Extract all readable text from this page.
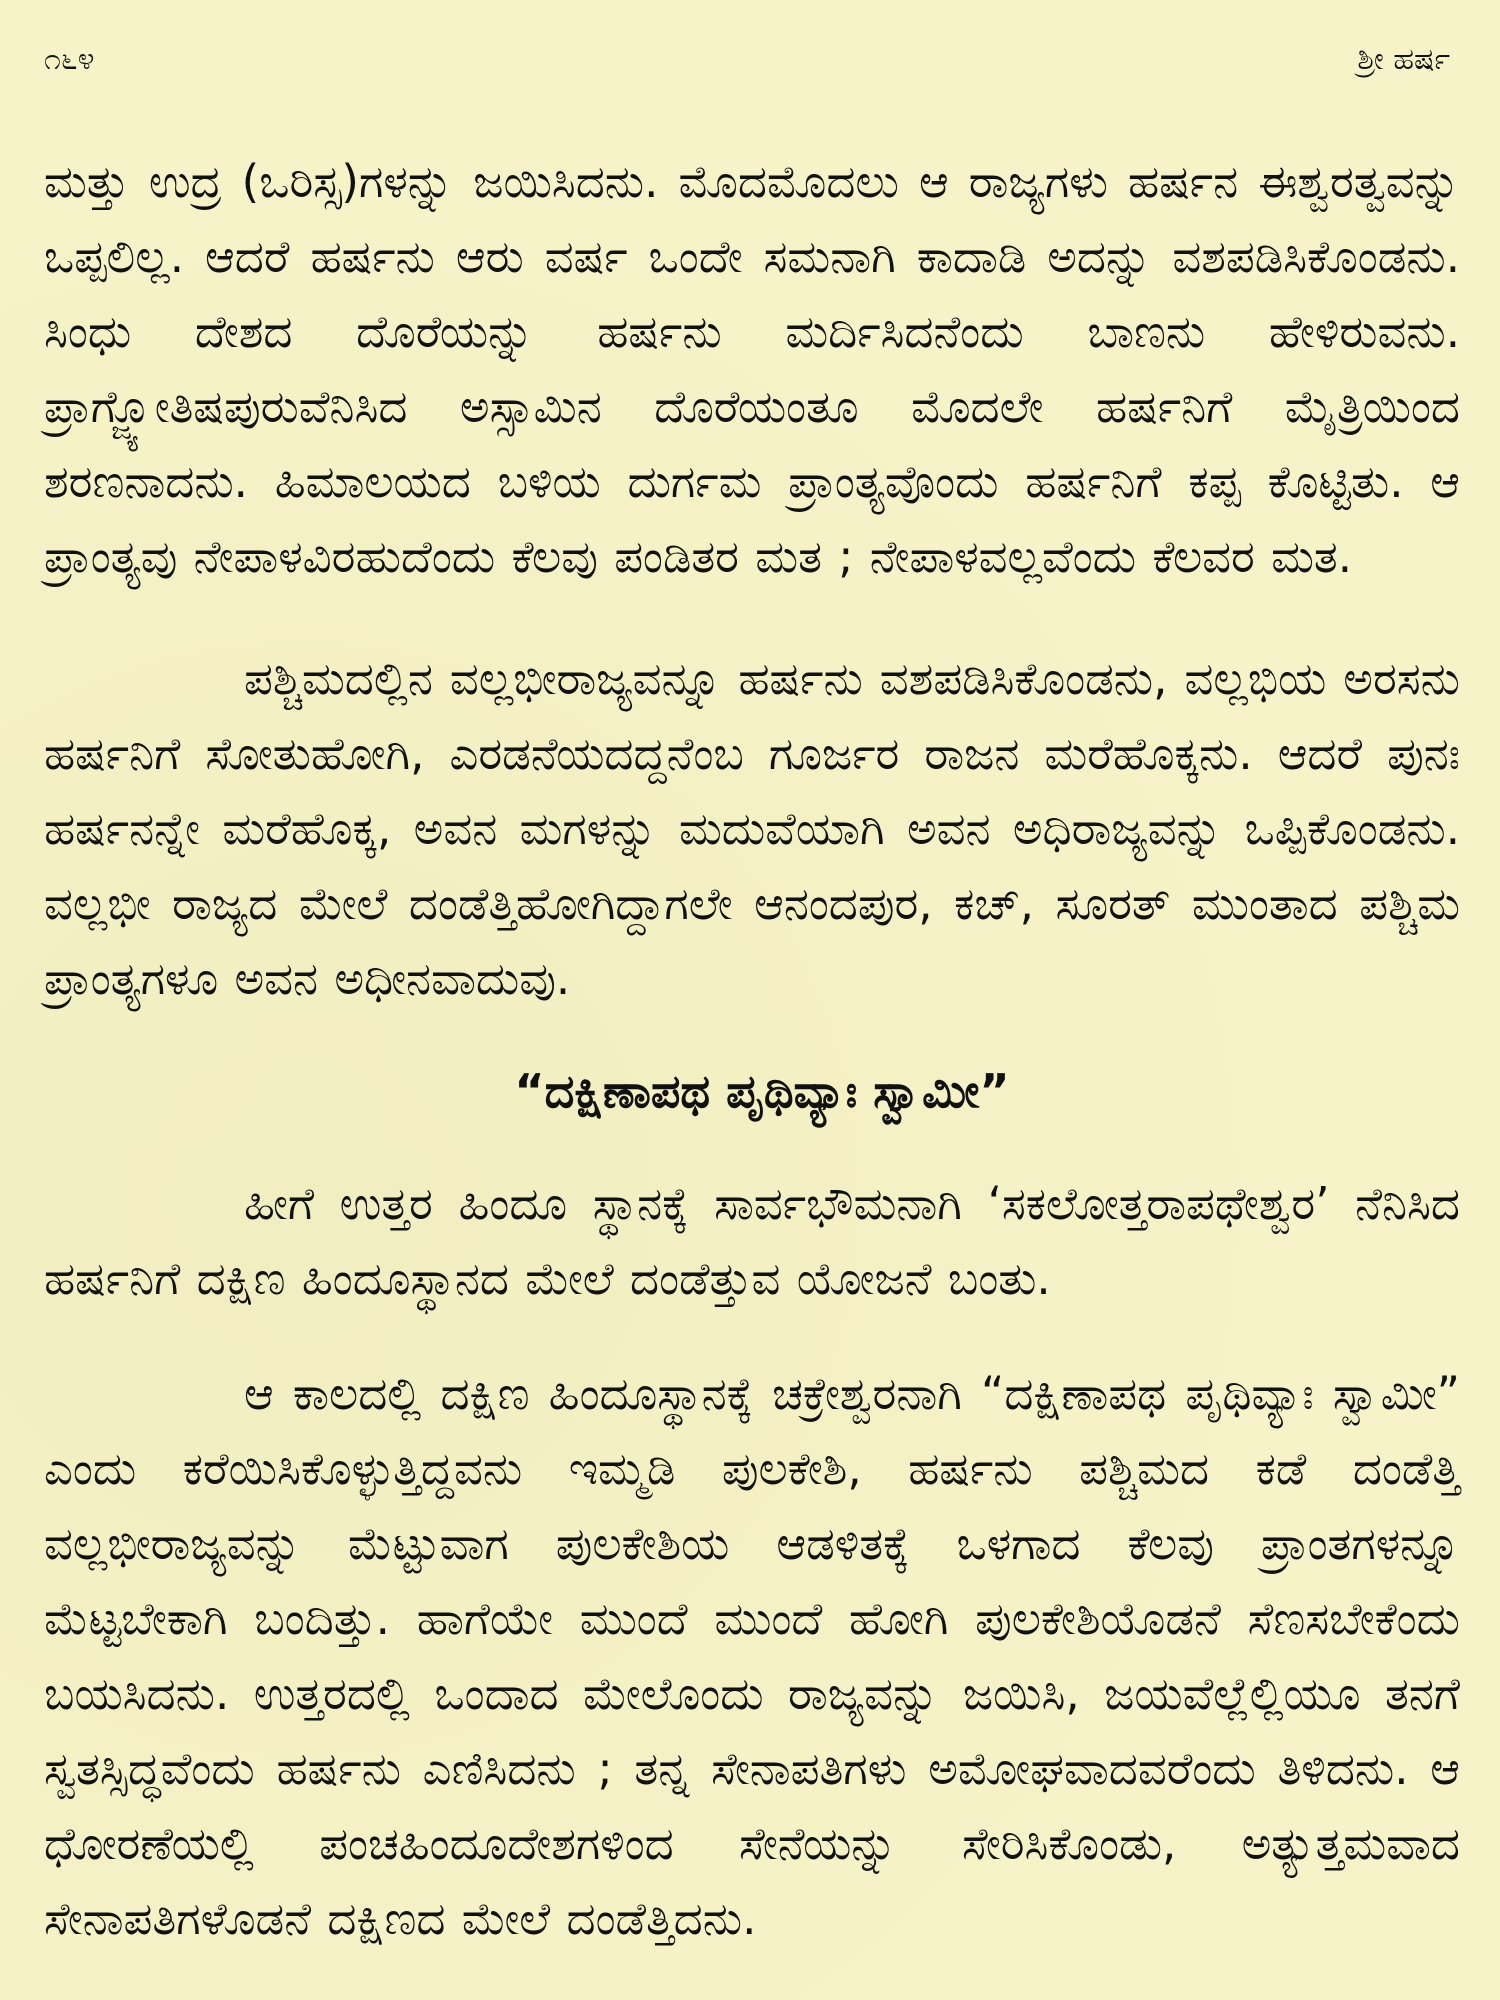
೧೬೪	ಶ್ರೀ ಹರ್ಷ

ಮತ್ತು ಉದ್ರ (ಒರಿಸ್ಸ)ಗಳನ್ನು ಜಯಿಸಿದನು. ಮೊದಮೊದಲು ಆ ರಾಜ್ಯಗಳು ಹರ್ಷನ ಈಶ್ವರತ್ವವನ್ನು ಒಪ್ಪಲಿಲ್ಲ. ಆದರೆ ಹರ್ಷನು ಆರು ವರ್ಷ ಒಂದೇ ಸಮನಾಗಿ ಕಾದಾಡಿ ಅದನ್ನು ವಶಪಡಿಸಿಕೊಂಡನು. ಸಿಂಧು ದೇಶದ ದೊರೆಯನ್ನು ಹರ್ಷನು ಮರ್ದಿಸಿದನೆಂದು ಬಾಣನು ಹೇಳಿರುವನು. ಪ್ರಾಗ್ಜ್ಯೋತಿಷಪುರುವೆನಿಸಿದ ಅಸ್ಸಾಮಿನ ದೊರೆಯಂತೂ ಮೊದಲೇ ಹರ್ಷನಿಗೆ ಮೈತ್ರಿಯಿಂದ ಶರಣನಾದನು. ಹಿಮಾಲಯದ ಬಳಿಯ ದುರ್ಗಮ ಪ್ರಾಂತ್ಯವೊಂದು ಹರ್ಷನಿಗೆ ಕಪ್ಪ ಕೊಟ್ಟಿತು. ಆ ಪ್ರಾಂತ್ಯವು ನೇಪಾಳವಿರಹುದೆಂದು ಕೆಲವು ಪಂಡಿತರ ಮತ ; ನೇಪಾಳವಲ್ಲವೆಂದು ಕೆಲವರ ಮತ.

ಪಶ್ಚಿಮದಲ್ಲಿನ ವಲ್ಲಭೀರಾಜ್ಯವನ್ನೂ ಹರ್ಷನು ವಶಪಡಿಸಿಕೊಂಡನು, ವಲ್ಲಭಿಯ ಅರಸನು ಹರ್ಷನಿಗೆ ಸೋತುಹೋಗಿ, ಎರಡನೆಯದದ್ದನೆಂಬ ಗೂರ್ಜರ ರಾಜನ ಮರೆಹೊಕ್ಕನು. ಆದರೆ ಪುನಃ ಹರ್ಷನನ್ನೇ ಮರೆಹೊಕ್ಕ, ಅವನ ಮಗಳನ್ನು ಮದುವೆಯಾಗಿ ಅವನ ಅಧಿರಾಜ್ಯವನ್ನು ಒಪ್ಪಿಕೊಂಡನು. ವಲ್ಲಭೀ ರಾಜ್ಯದ ಮೇಲೆ ದಂಡೆತ್ತಿಹೋಗಿದ್ದಾಗಲೇ ಆನಂದಪುರ, ಕಚ್, ಸೂರತ್ ಮುಂತಾದ ಪಶ್ಚಿಮ ಪ್ರಾಂತ್ಯಗಳೂ ಅವನ ಅಧೀನವಾದುವು.

“ದಕ್ಷಿಣಾಪಥ ಪೃಥಿವ್ಯಾಃ ಸ್ವಾಮೀ”

ಹೀಗೆ ಉತ್ತರ ಹಿಂದೂ ಸ್ಥಾನಕ್ಕೆ ಸಾರ್ವಭೌಮನಾಗಿ ‘ಸಕಲೋತ್ತರಾಪಥೇಶ್ವರ’ ನೆನಿಸಿದ ಹರ್ಷನಿಗೆ ದಕ್ಷಿಣ ಹಿಂದೂಸ್ಥಾನದ ಮೇಲೆ ದಂಡೆತ್ತುವ ಯೋಜನೆ ಬಂತು.

ಆ ಕಾಲದಲ್ಲಿ ದಕ್ಷಿಣ ಹಿಂದೂಸ್ಥಾನಕ್ಕೆ ಚಕ್ರೇಶ್ವರನಾಗಿ “ದಕ್ಷಿಣಾಪಥ ಪೃಥಿವ್ಯಾಃ ಸ್ವಾಮೀ” ಎಂದು ಕರೆಯಿಸಿಕೊಳ್ಳುತ್ತಿದ್ದವನು ಇಮ್ಮಡಿ ಪುಲಕೇಶಿ, ಹರ್ಷನು ಪಶ್ಚಿಮದ ಕಡೆ ದಂಡೆತ್ತಿ ವಲ್ಲಭೀರಾಜ್ಯವನ್ನು ಮೆಟ್ಟುವಾಗ ಪುಲಕೇಶಿಯ ಆಡಳಿತಕ್ಕೆ ಒಳಗಾದ ಕೆಲವು ಪ್ರಾಂತಗಳನ್ನೂ ಮೆಟ್ಟಬೇಕಾಗಿ ಬಂದಿತ್ತು. ಹಾಗೆಯೇ ಮುಂದೆ ಮುಂದೆ ಹೋಗಿ ಪುಲಕೇಶಿಯೊಡನೆ ಸೆಣಸಬೇಕೆಂದು ಬಯಸಿದನು. ಉತ್ತರದಲ್ಲಿ ಒಂದಾದ ಮೇಲೊಂದು ರಾಜ್ಯವನ್ನು ಜಯಿಸಿ, ಜಯವೆಲ್ಲೆಲ್ಲಿಯೂ ತನಗೆ ಸ್ವತಸ್ಸಿದ್ಧವೆಂದು ಹರ್ಷನು ಎಣಿಸಿದನು ; ತನ್ನ ಸೇನಾಪತಿಗಳು ಅಮೋಘವಾದವರೆಂದು ತಿಳಿದನು. ಆ ಧೋರಣೆಯಲ್ಲಿ ಪಂಚಹಿಂದೂದೇಶಗಳಿಂದ ಸೇನೆಯನ್ನು ಸೇರಿಸಿಕೊಂಡು, ಅತ್ಯುತ್ತಮವಾದ ಸೇನಾಪತಿಗಳೊಡನೆ ದಕ್ಷಿಣದ ಮೇಲೆ ದಂಡೆತ್ತಿದನು.
